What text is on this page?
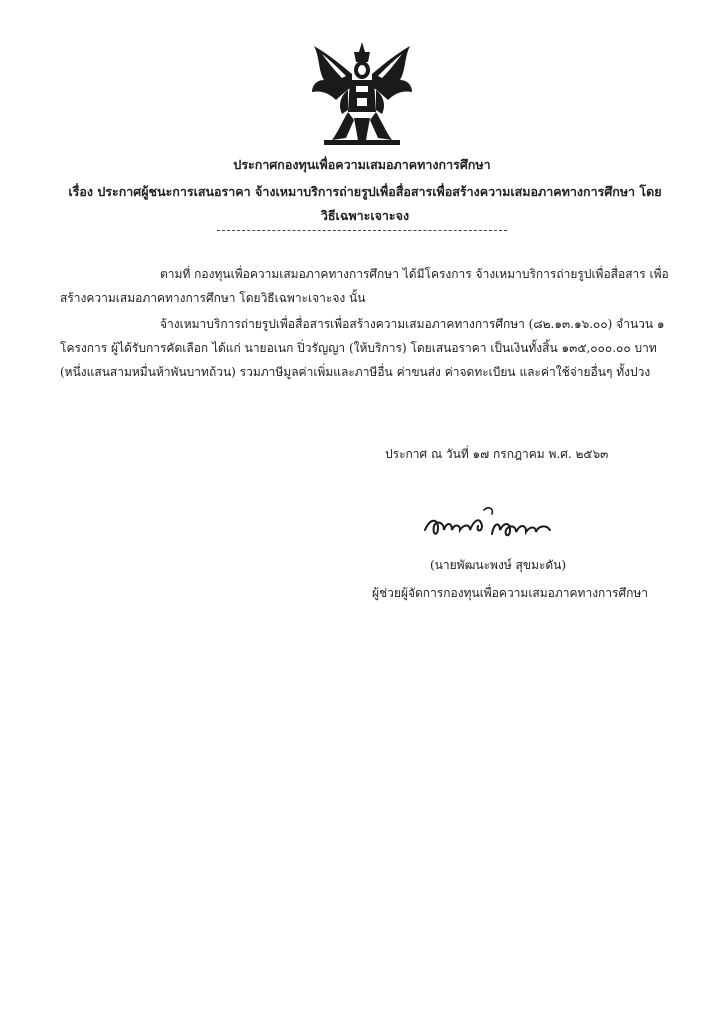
ประกาศกองทุนเพื่อความเสมอภาคทางการศึกษา
เรื่อง ประกาศผู้ชนะการเสนอราคา จ้างเหมาบริการถ่ายรูปเพื่อสื่อสารเพื่อสร้างความเสมอภาคทางการศึกษา โดย
วิธีเฉพาะเจาะจง
ตามที่ กองทุนเพื่อความเสมอภาคทางการศึกษา ได้มีโครงการ จ้างเหมาบริการถ่ายรูปเพื่อสื่อสาร เพื่อสร้างความเสมอภาคทางการศึกษา โดยวิธีเฉพาะเจาะจง นั้น
จ้างเหมาบริการถ่ายรูปเพื่อสื่อสารเพื่อสร้างความเสมอภาคทางการศึกษา (๘๒.๑๓.๑๖.๐๐) จำนวน ๑ โครงการ ผู้ได้รับการคัดเลือก ได้แก่ นายอเนก ปิ่วรัญญา (ให้บริการ) โดยเสนอราคา เป็นเงินทั้งสิ้น ๑๓๕,๐๐๐.๐๐ บาท (หนึ่งแสนสามหมื่นห้าพันบาทถ้วน) รวมภาษีมูลค่าเพิ่มและภาษีอื่น ค่าขนส่ง ค่าจดทะเบียน และค่าใช้จ่ายอื่นๆ ทั้งปวง
ประกาศ ณ วันที่ ๑๗ กรกฎาคม พ.ศ. ๒๕๖๓
(นายพัฒนะพงษ์ สุขมะดัน)
ผู้ช่วยผู้จัดการกองทุนเพื่อความเสมอภาคทางการศึกษา
